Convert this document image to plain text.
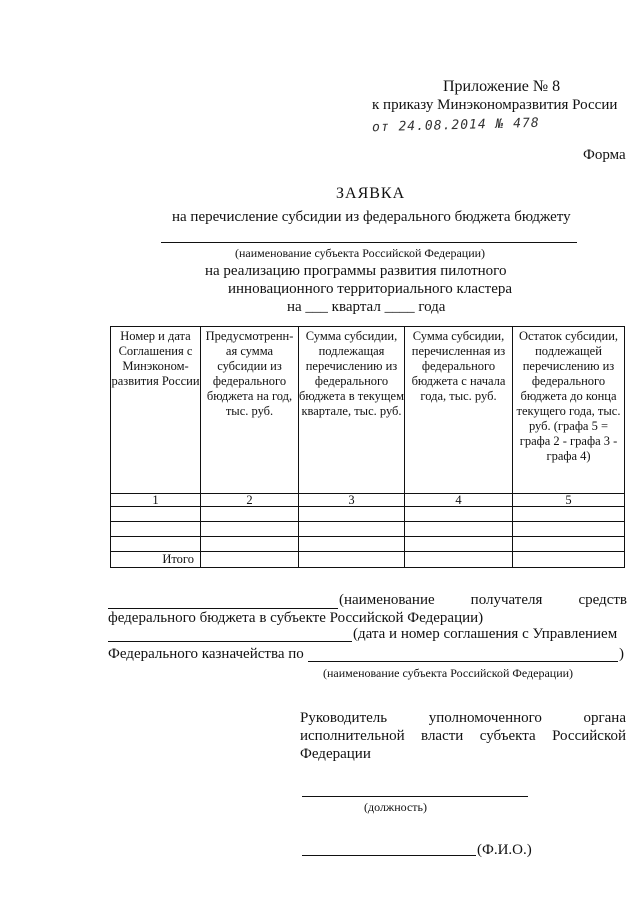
Приложение № 8
к приказу Минэкономразвития России
от 24.08.2014 № 478
Форма
ЗАЯВКА
на перечисление субсидии из федерального бюджета бюджету
(наименование субъекта Российской Федерации)
на реализацию программы развития пилотного
инновационного территориального кластера
на ___ квартал ____ года
Номер и дата Соглашения с Минэконом-развития России	Предусмотренн-ая сумма субсидии из федерального бюджета на год, тыс. руб.	Сумма субсидии, подлежащая перечислению из федерального бюджета в текущем квартале, тыс. руб.	Сумма субсидии, перечисленная из федерального бюджета с начала года, тыс. руб.	Остаток субсидии, подлежащей перечислению из федерального бюджета до конца текущего года, тыс. руб. (графа 5 = графа 2 - графа 3 - графа 4)
1	2	3	4	5

Итого				
(наименование получателя средств
федерального бюджета в субъекте Российской Федерации)
(дата и номер соглашения с Управлением
Федерального казначейства по	)
(наименование субъекта Российской Федерации)
Руководитель уполномоченного органа
исполнительной власти субъекта Российской
Федерации
(должность)
(Ф.И.О.)
